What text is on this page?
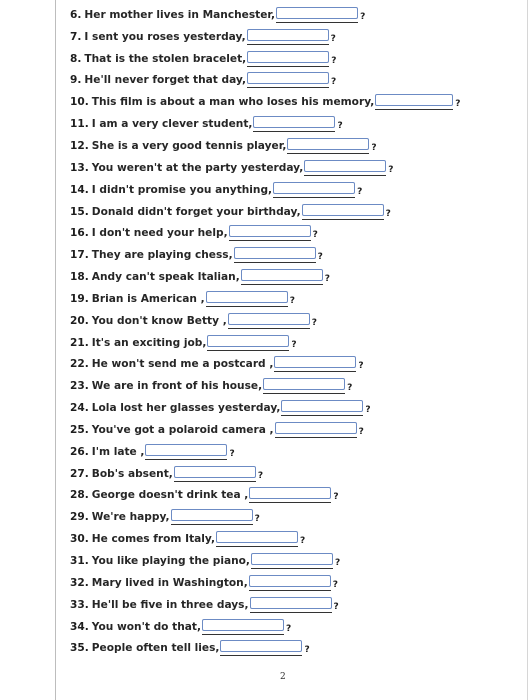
6. Her mother lives in Manchester,	?
7. I sent you roses yesterday,	?
8. That is the stolen bracelet,	?
9. He'll never forget that day,	?
10. This film is about a man who loses his memory,	?
11. I am a very clever student,	?
12. She is a very good tennis player,	?
13. You weren't at the party yesterday,	?
14. I didn't promise you anything,	?
15. Donald didn't forget your birthday,	?
16. I don't need your help,	?
17. They are playing chess,	?
18. Andy can't speak Italian,	?
19. Brian is American ,	?
20. You don't know Betty ,	?
21. It's an exciting job,	?
22. He won't send me a postcard ,	?
23. We are in front of his house,	?
24. Lola lost her glasses yesterday,	?
25. You've got a polaroid camera ,	?
26. I'm late ,	?
27. Bob's absent,	?
28. George doesn't drink tea ,	?
29. We're happy,	?
30. He comes from Italy,	?
31. You like playing the piano,	?
32. Mary lived in Washington,	?
33. He'll be five in three days,	?
34. You won't do that,	?
35. People often tell lies,	?
2
